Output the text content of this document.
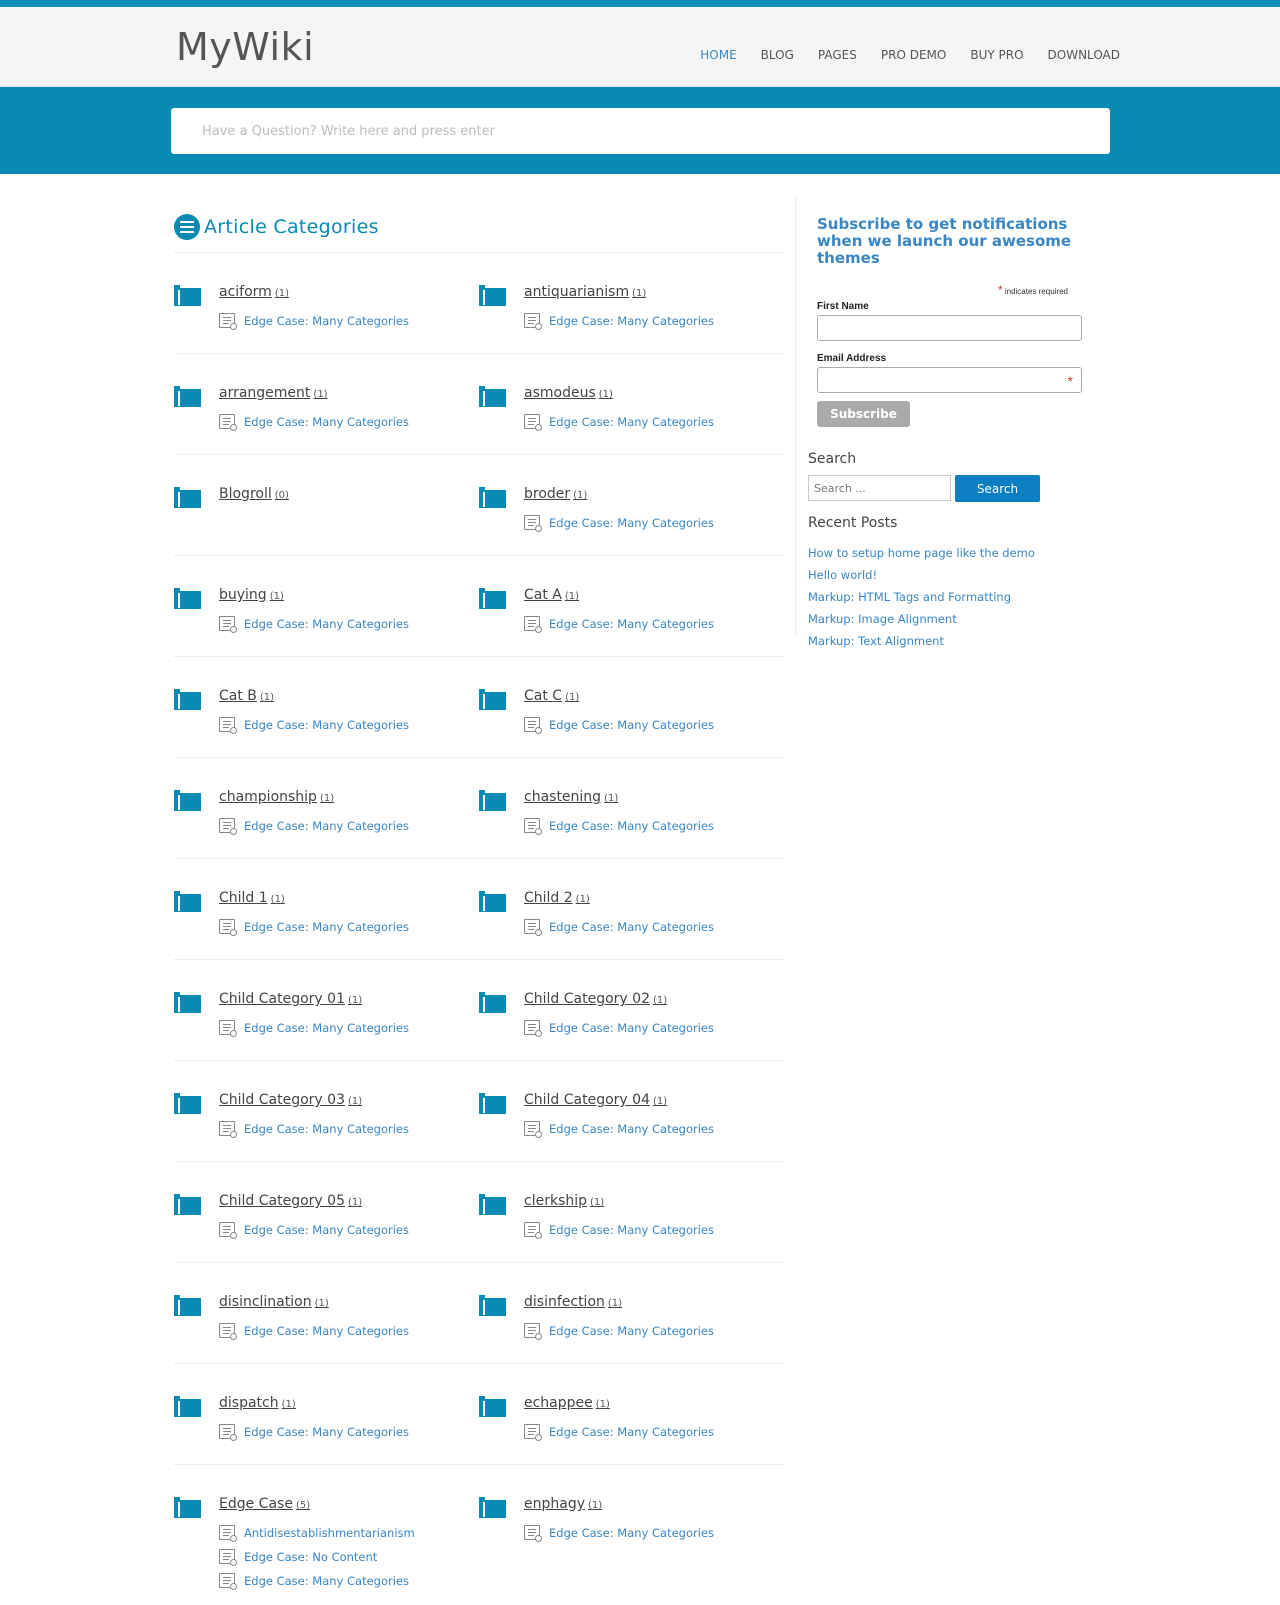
MyWiki	HOME BLOG PAGES PRO DEMO BUY PRO DOWNLOAD
Have a Question? Write here and press enter
Article Categories
aciform (1)
Edge Case: Many Categories
antiquarianism (1)
Edge Case: Many Categories
arrangement (1)
Edge Case: Many Categories
asmodeus (1)
Edge Case: Many Categories
Blogroll (0)	broder (1)
Edge Case: Many Categories
buying (1)
Edge Case: Many Categories
Cat A (1)
Edge Case: Many Categories
Cat B (1)
Edge Case: Many Categories
Cat C (1)
Edge Case: Many Categories
championship (1)
Edge Case: Many Categories
chastening (1)
Edge Case: Many Categories
Child 1 (1)
Edge Case: Many Categories
Child 2 (1)
Edge Case: Many Categories
Child Category 01 (1)
Edge Case: Many Categories
Child Category 02 (1)
Edge Case: Many Categories
Child Category 03 (1)
Edge Case: Many Categories
Child Category 04 (1)
Edge Case: Many Categories
Child Category 05 (1)
Edge Case: Many Categories
clerkship (1)
Edge Case: Many Categories
disinclination (1)
Edge Case: Many Categories
disinfection (1)
Edge Case: Many Categories
dispatch (1)
Edge Case: Many Categories
echappee (1)
Edge Case: Many Categories
Edge Case (5)
Antidisestablishmentarianism
Edge Case: No Content
Edge Case: Many Categories
enphagy (1)
Edge Case: Many Categories
Subscribe to get notifications when we launch our awesome themes
* indicates required
First Name
Email Address
*
Subscribe
Search
Search ...
Search
Recent Posts
How to setup home page like the demo
Hello world!
Markup: HTML Tags and Formatting
Markup: Image Alignment
Markup: Text Alignment
